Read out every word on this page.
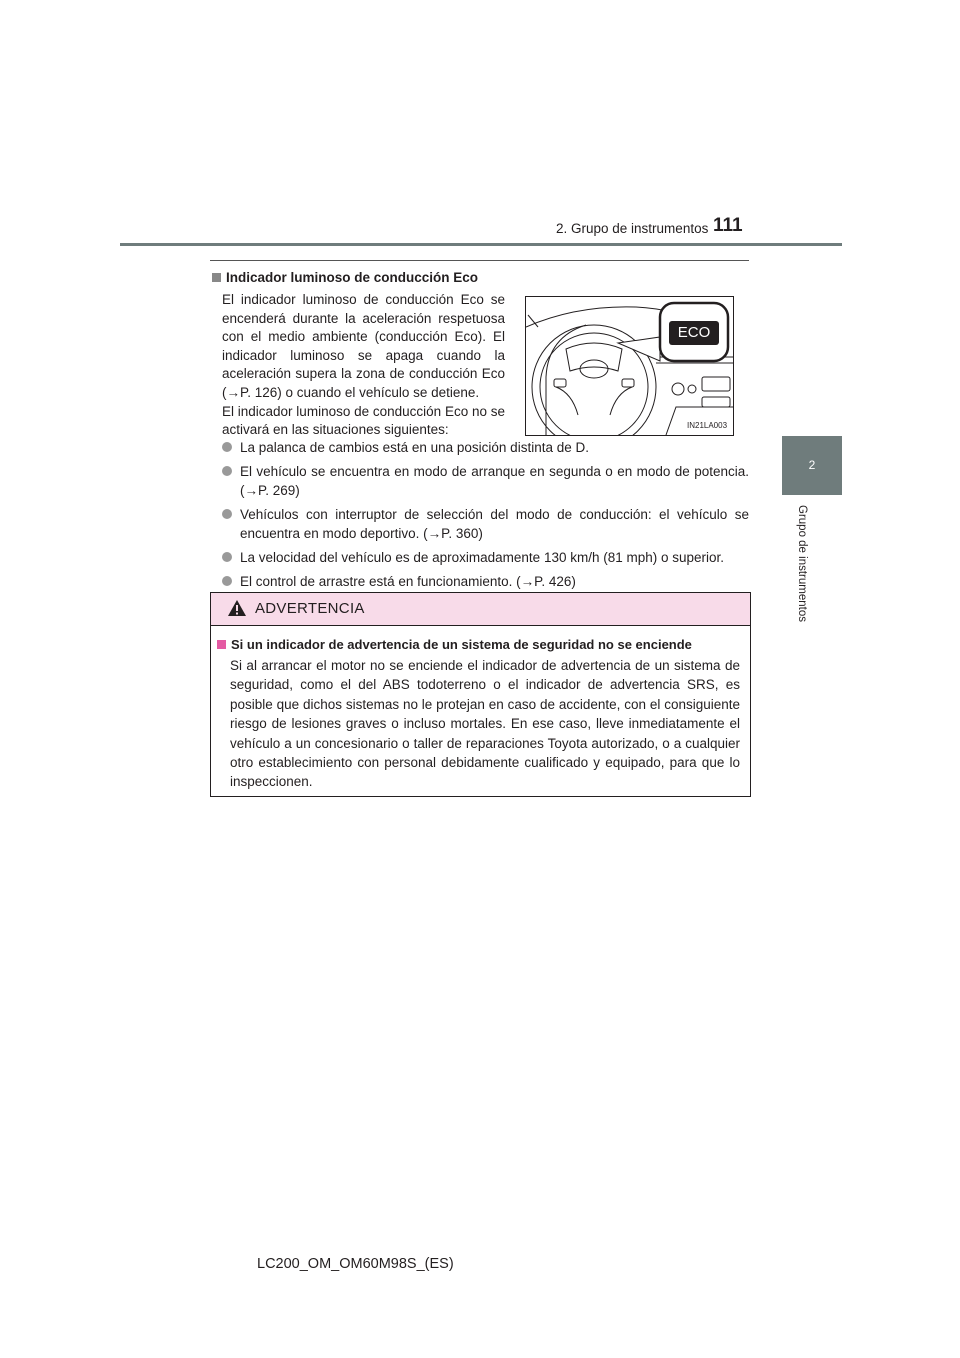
2. Grupo de instrumentos 111
2
Grupo de instrumentos
Indicador luminoso de conducción Eco

El indicador luminoso de conducción Eco se encenderá durante la aceleración respetuosa con el medio ambiente (conducción Eco). El indicador luminoso se apaga cuando la aceleración supera la zona de conducción Eco (→P. 126) o cuando el vehículo se detiene.

El indicador luminoso de conducción Eco no se activará en las situaciones siguientes:

ECO
IN21LA003
La palanca de cambios está en una posición distinta de D.
El vehículo se encuentra en modo de arranque en segunda o en modo de potencia. (→P. 269)
Vehículos con interruptor de selección del modo de conducción: el vehículo se encuentra en modo deportivo. (→P. 360)
La velocidad del vehículo es de aproximadamente 130 km/h (81 mph) o superior.
El control de arrastre está en funcionamiento. (→P. 426)
ADVERTENCIA
Si un indicador de advertencia de un sistema de seguridad no se enciende
Si al arrancar el motor no se enciende el indicador de advertencia de un sistema de seguridad, como el del ABS todoterreno o el indicador de advertencia SRS, es posible que dichos sistemas no le protejan en caso de accidente, con el consiguiente riesgo de lesiones graves o incluso mortales. En ese caso, lleve inmediatamente el vehículo a un concesionario o taller de reparaciones Toyota autorizado, o a cualquier otro establecimiento con personal debidamente cualificado y equipado, para que lo inspeccionen.
LC200_OM_OM60M98S_(ES)
